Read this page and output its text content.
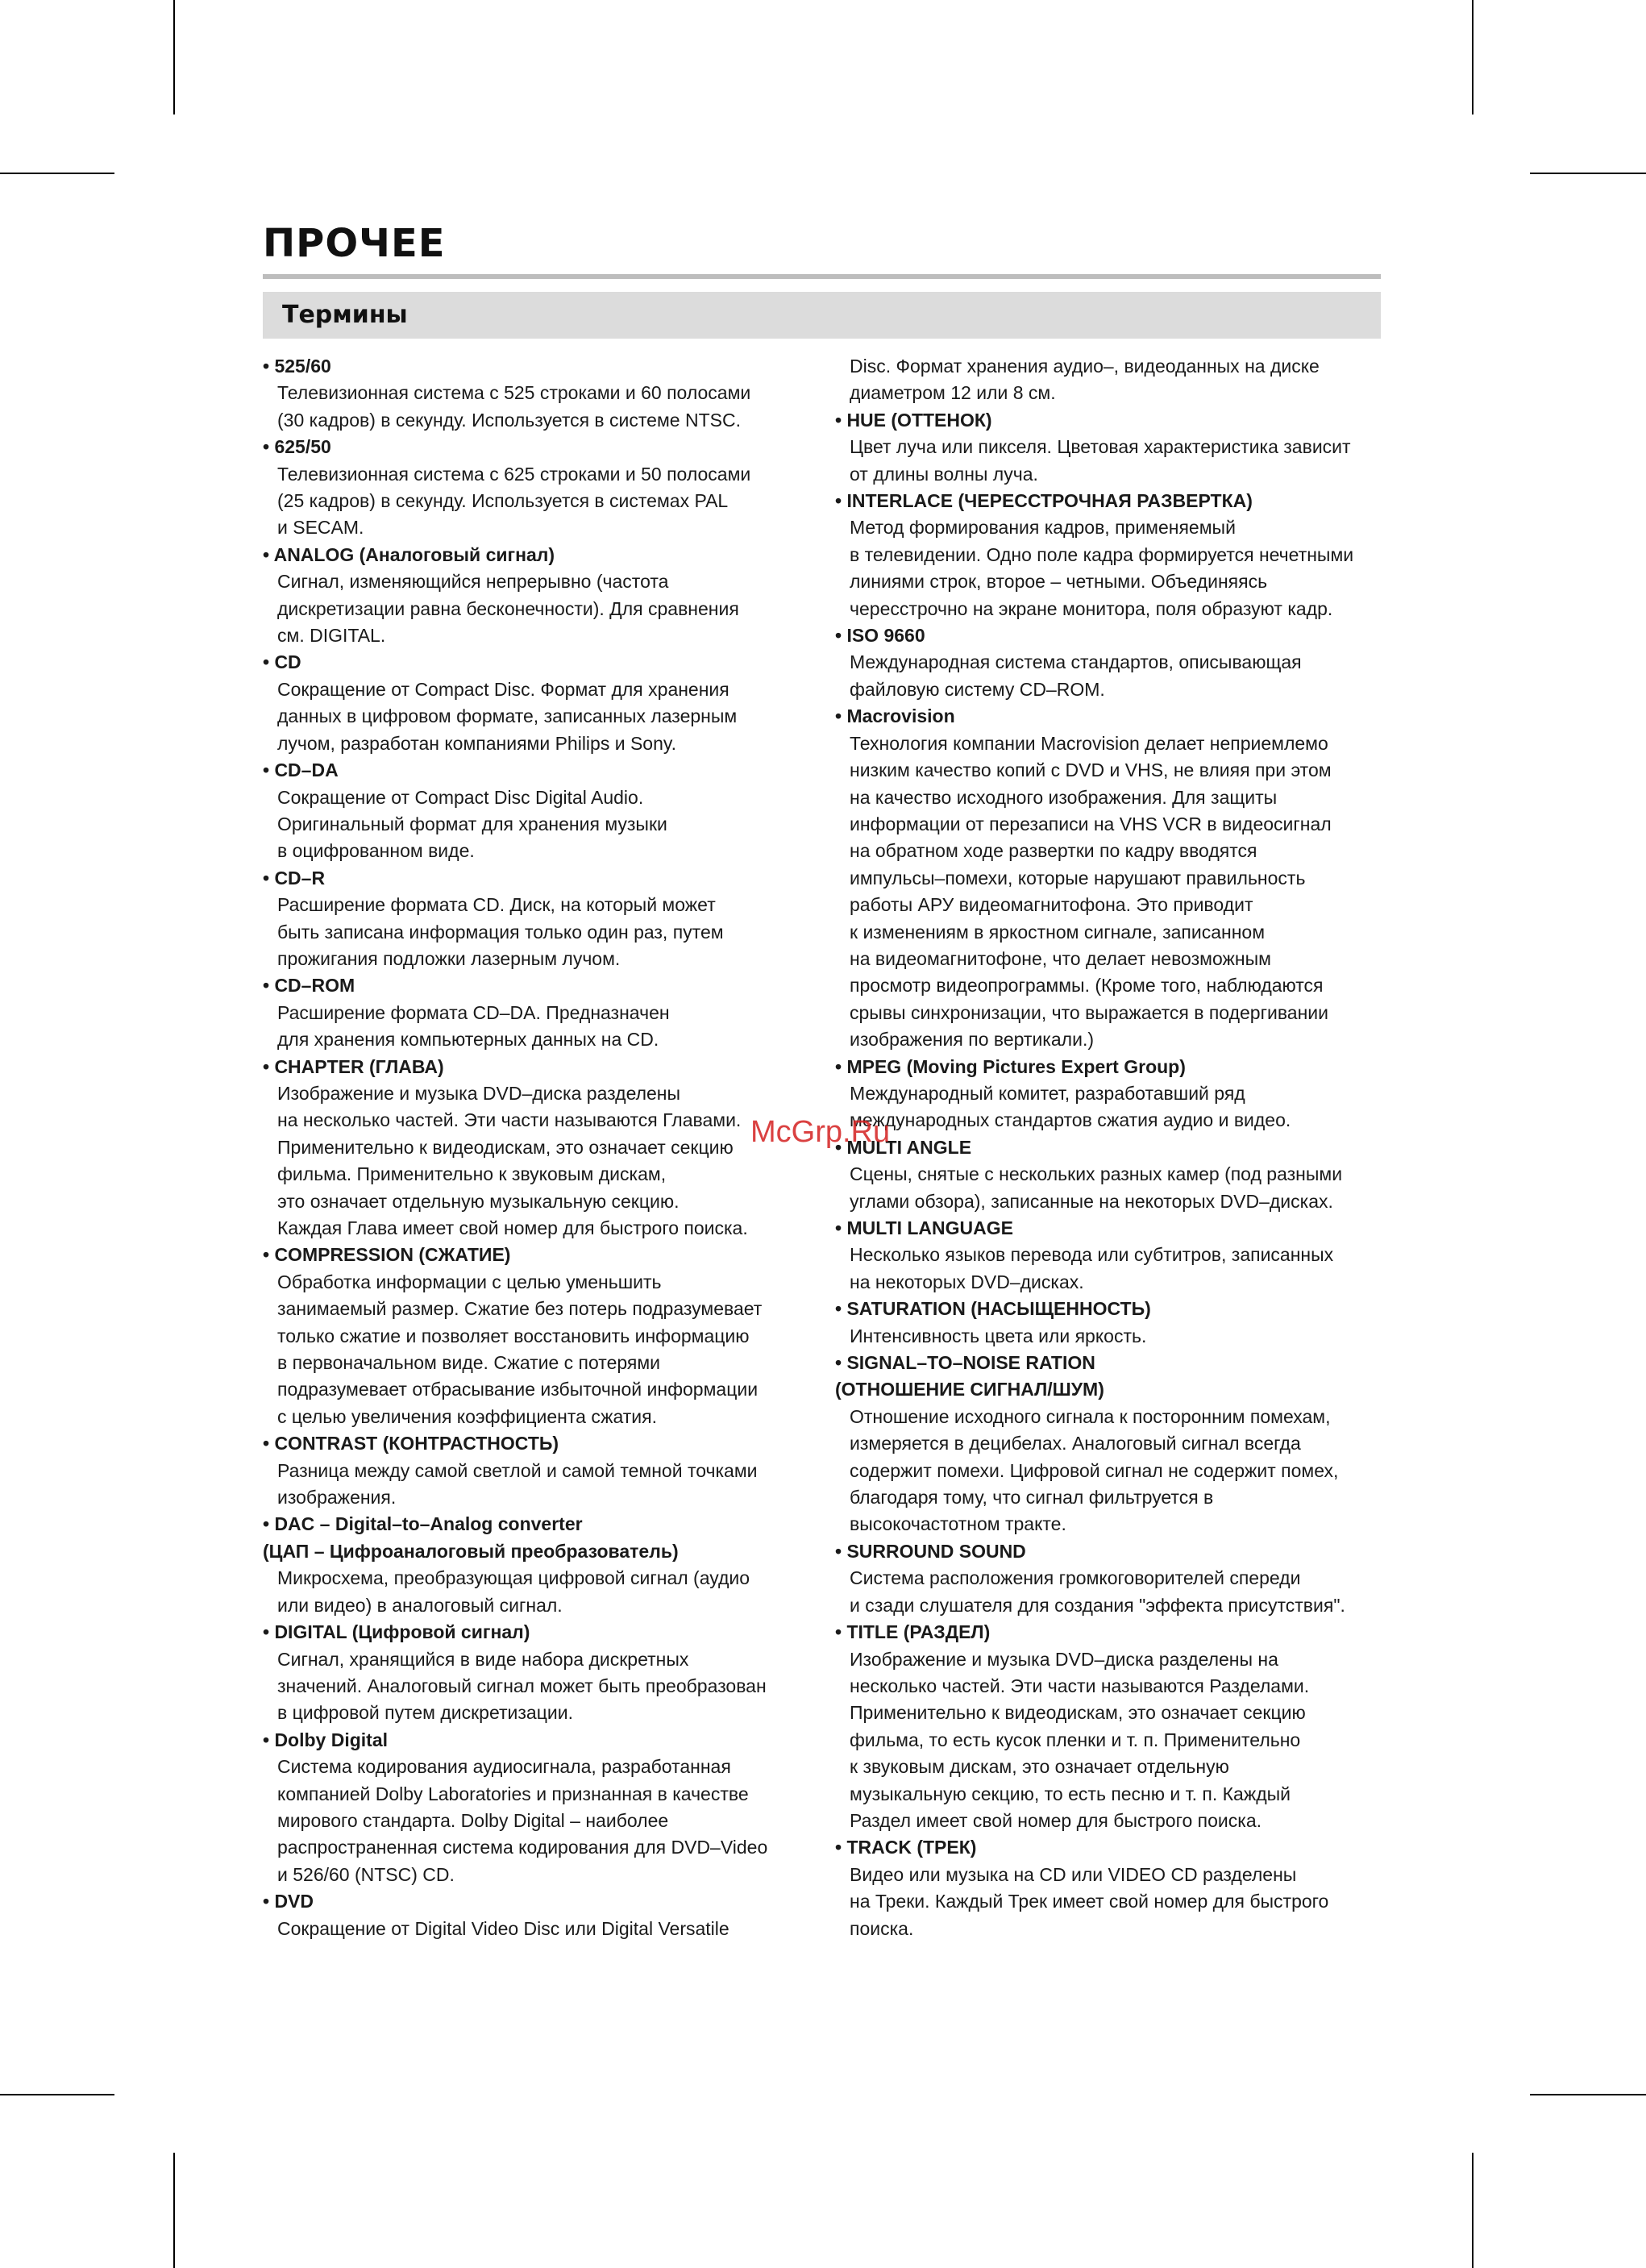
ПРОЧЕЕ
Термины
• 525/60
Телевизионная система с 525 строками и 60 полосами
(30 кадров) в секунду. Используется в системе NTSC.
• 625/50
Телевизионная система с 625 строками и 50 полосами
(25 кадров) в секунду. Используется в системах PAL
и SECAM.
• ANALOG (Аналоговый сигнал)
Сигнал, изменяющийся непрерывно (частота
дискретизации равна бесконечности). Для сравнения
см. DIGITAL.
• CD
Сокращение от Compact Disc. Формат для хранения
данных в цифровом формате, записанных лазерным
лучом, разработан компаниями Philips и Sony.
• CD–DA
Сокращение от Compact Disc Digital Audio.
Оригинальный формат для хранения музыки
в оцифрованном виде.
• CD–R
Расширение формата CD. Диск, на который может
быть записана информация только один раз, путем
прожигания подложки лазерным лучом.
• CD–ROM
Расширение формата CD–DA. Предназначен
для хранения компьютерных данных на CD.
• CHAPTER (ГЛАВА)
Изображение и музыка DVD–диска разделены
на несколько частей. Эти части называются Главами.
Применительно к видеодискам, это означает секцию
фильма. Применительно к звуковым дискам,
это означает отдельную музыкальную секцию.
Каждая Глава имеет свой номер для быстрого поиска.
• COMPRESSION (СЖАТИЕ)
Обработка информации с целью уменьшить
занимаемый размер. Сжатие без потерь подразумевает
только сжатие и позволяет восстановить информацию
в первоначальном виде. Сжатие с потерями
подразумевает отбрасывание избыточной информации
с целью увеличения коэффициента сжатия.
• CONTRAST (КОНТРАСТНОСТЬ)
Разница между самой светлой и самой темной точками
изображения.
• DAC – Digital–to–Analog converter
(ЦАП – Цифроаналоговый преобразователь)
Микросхема, преобразующая цифровой сигнал (аудио
или видео) в аналоговый сигнал.
• DIGITAL (Цифровой сигнал)
Сигнал, хранящийся в виде набора дискретных
значений. Аналоговый сигнал может быть преобразован
в цифровой путем дискретизации.
• Dolby Digital
Система кодирования аудиосигнала, разработанная
компанией Dolby Laboratories и признанная в качестве
мирового стандарта. Dolby Digital – наиболее
распространенная система кодирования для DVD–Video
и 526/60 (NTSC) CD.
• DVD
Сокращение от Digital Video Disc или Digital Versatile
Disc. Формат хранения аудио–, видеоданных на диске
диаметром 12 или 8 см.
• HUE (ОТТЕНОК)
Цвет луча или пикселя. Цветовая характеристика зависит
от длины волны луча.
• INTERLACE (ЧЕРЕССТРОЧНАЯ РАЗВЕРТКА)
Метод формирования кадров, применяемый
в телевидении. Одно поле кадра формируется нечетными
линиями строк, второе – четными. Объединяясь
чересстрочно на экране монитора, поля образуют кадр.
• ISO 9660
Международная система стандартов, описывающая
файловую систему CD–ROM.
• Macrovision
Технология компании Macrovision делает неприемлемо
низким качество копий с DVD и VHS, не влияя при этом
на качество исходного изображения. Для защиты
информации от перезаписи на VHS VCR в видеосигнал
на обратном ходе развертки по кадру вводятся
импульсы–помехи, которые нарушают правильность
работы АРУ видеомагнитофона. Это приводит
к изменениям в яркостном сигнале, записанном
на видеомагнитофоне, что делает невозможным
просмотр видеопрограммы. (Кроме того, наблюдаются
срывы синхронизации, что выражается в подергивании
изображения по вертикали.)
• MPEG (Moving Pictures Expert Group)
Международный комитет, разработавший ряд
международных стандартов сжатия аудио и видео.
• MULTI ANGLE
Сцены, снятые с нескольких разных камер (под разными
углами обзора), записанные на некоторых DVD–дисках.
• MULTI LANGUAGE
Несколько языков перевода или субтитров, записанных
на некоторых DVD–дисках.
• SATURATION (НАСЫЩЕННОСТЬ)
Интенсивность цвета или яркость.
• SIGNAL–TO–NOISE RATION
(ОТНОШЕНИЕ СИГНАЛ/ШУМ)
Отношение исходного сигнала к посторонним помехам,
измеряется в децибелах. Аналоговый сигнал всегда
содержит помехи. Цифровой сигнал не содержит помех,
благодаря тому, что сигнал фильтруется в
высокочастотном тракте.
• SURROUND SOUND
Система расположения громкоговорителей спереди
и сзади слушателя для создания "эффекта присутствия".
• TITLE (РАЗДЕЛ)
Изображение и музыка DVD–диска разделены на
несколько частей. Эти части называются Разделами.
Применительно к видеодискам, это означает секцию
фильма, то есть кусок пленки и т. п. Применительно
к звуковым дискам, это означает отдельную
музыкальную секцию, то есть песню и т. п. Каждый
Раздел имеет свой номер для быстрого поиска.
• TRACK (ТРЕК)
Видео или музыка на CD или VIDEO CD разделены
на Треки. Каждый Трек имеет свой номер для быстрого
поиска.
McGrp.Ru
